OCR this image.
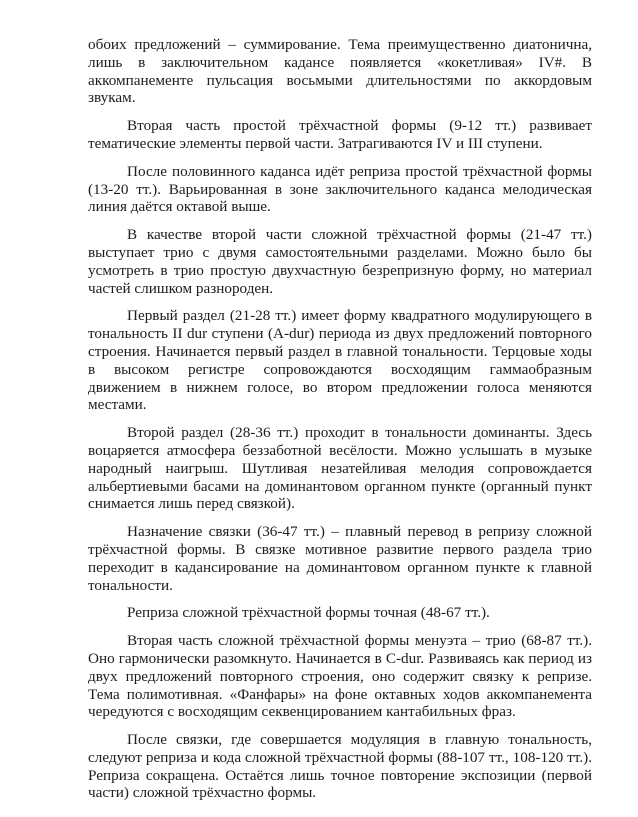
обоих предложений – суммирование. Тема преимущественно диатонична, лишь в заключительном кадансе появляется «кокетливая» IV#. В аккомпанементе пульсация восьмыми длительностями по аккордовым звукам.

Вторая часть простой трёхчастной формы (9-12 тт.) развивает тематические элементы первой части. Затрагиваются IV и III ступени.

После половинного каданса идёт реприза простой трёхчастной формы (13-20 тт.). Варьированная в зоне заключительного каданса мелодическая линия даётся октавой выше.

В качестве второй части сложной трёхчастной формы (21-47 тт.) выступает трио с двумя самостоятельными разделами. Можно было бы усмотреть в трио простую двухчастную безрепризную форму, но материал частей слишком разнороден.

Первый раздел (21-28 тт.) имеет форму квадратного модулирующего в тональность II dur ступени (A-dur) периода из двух предложений повторного строения. Начинается первый раздел в главной тональности. Терцовые ходы в высоком регистре сопровождаются восходящим гаммаобразным движением в нижнем голосе, во втором предложении голоса меняются местами.

Второй раздел (28-36 тт.) проходит в тональности доминанты. Здесь воцаряется атмосфера беззаботной весёлости. Можно услышать в музыке народный наигрыш. Шутливая незатейливая мелодия сопровождается альбертиевыми басами на доминантовом органном пункте (органный пункт снимается лишь перед связкой).

Назначение связки (36-47 тт.) – плавный перевод в репризу сложной трёхчастной формы. В связке мотивное развитие первого раздела трио переходит в кадансирование на доминантовом органном пункте к главной тональности.

Реприза сложной трёхчастной формы точная (48-67 тт.).

Вторая часть сложной трёхчастной формы менуэта – трио (68-87 тт.). Оно гармонически разомкнуто. Начинается в C-dur. Развиваясь как период из двух предложений повторного строения, оно содержит связку к репризе. Тема полимотивная. «Фанфары» на фоне октавных ходов аккомпанемента чередуются с восходящим секвенцированием кантабильных фраз.

После связки, где совершается модуляция в главную тональность, следуют реприза и кода сложной трёхчастной формы (88-107 тт., 108-120 тт.). Реприза сокращена. Остаётся лишь точное повторение экспозиции (первой части) сложной трёхчастно формы.
